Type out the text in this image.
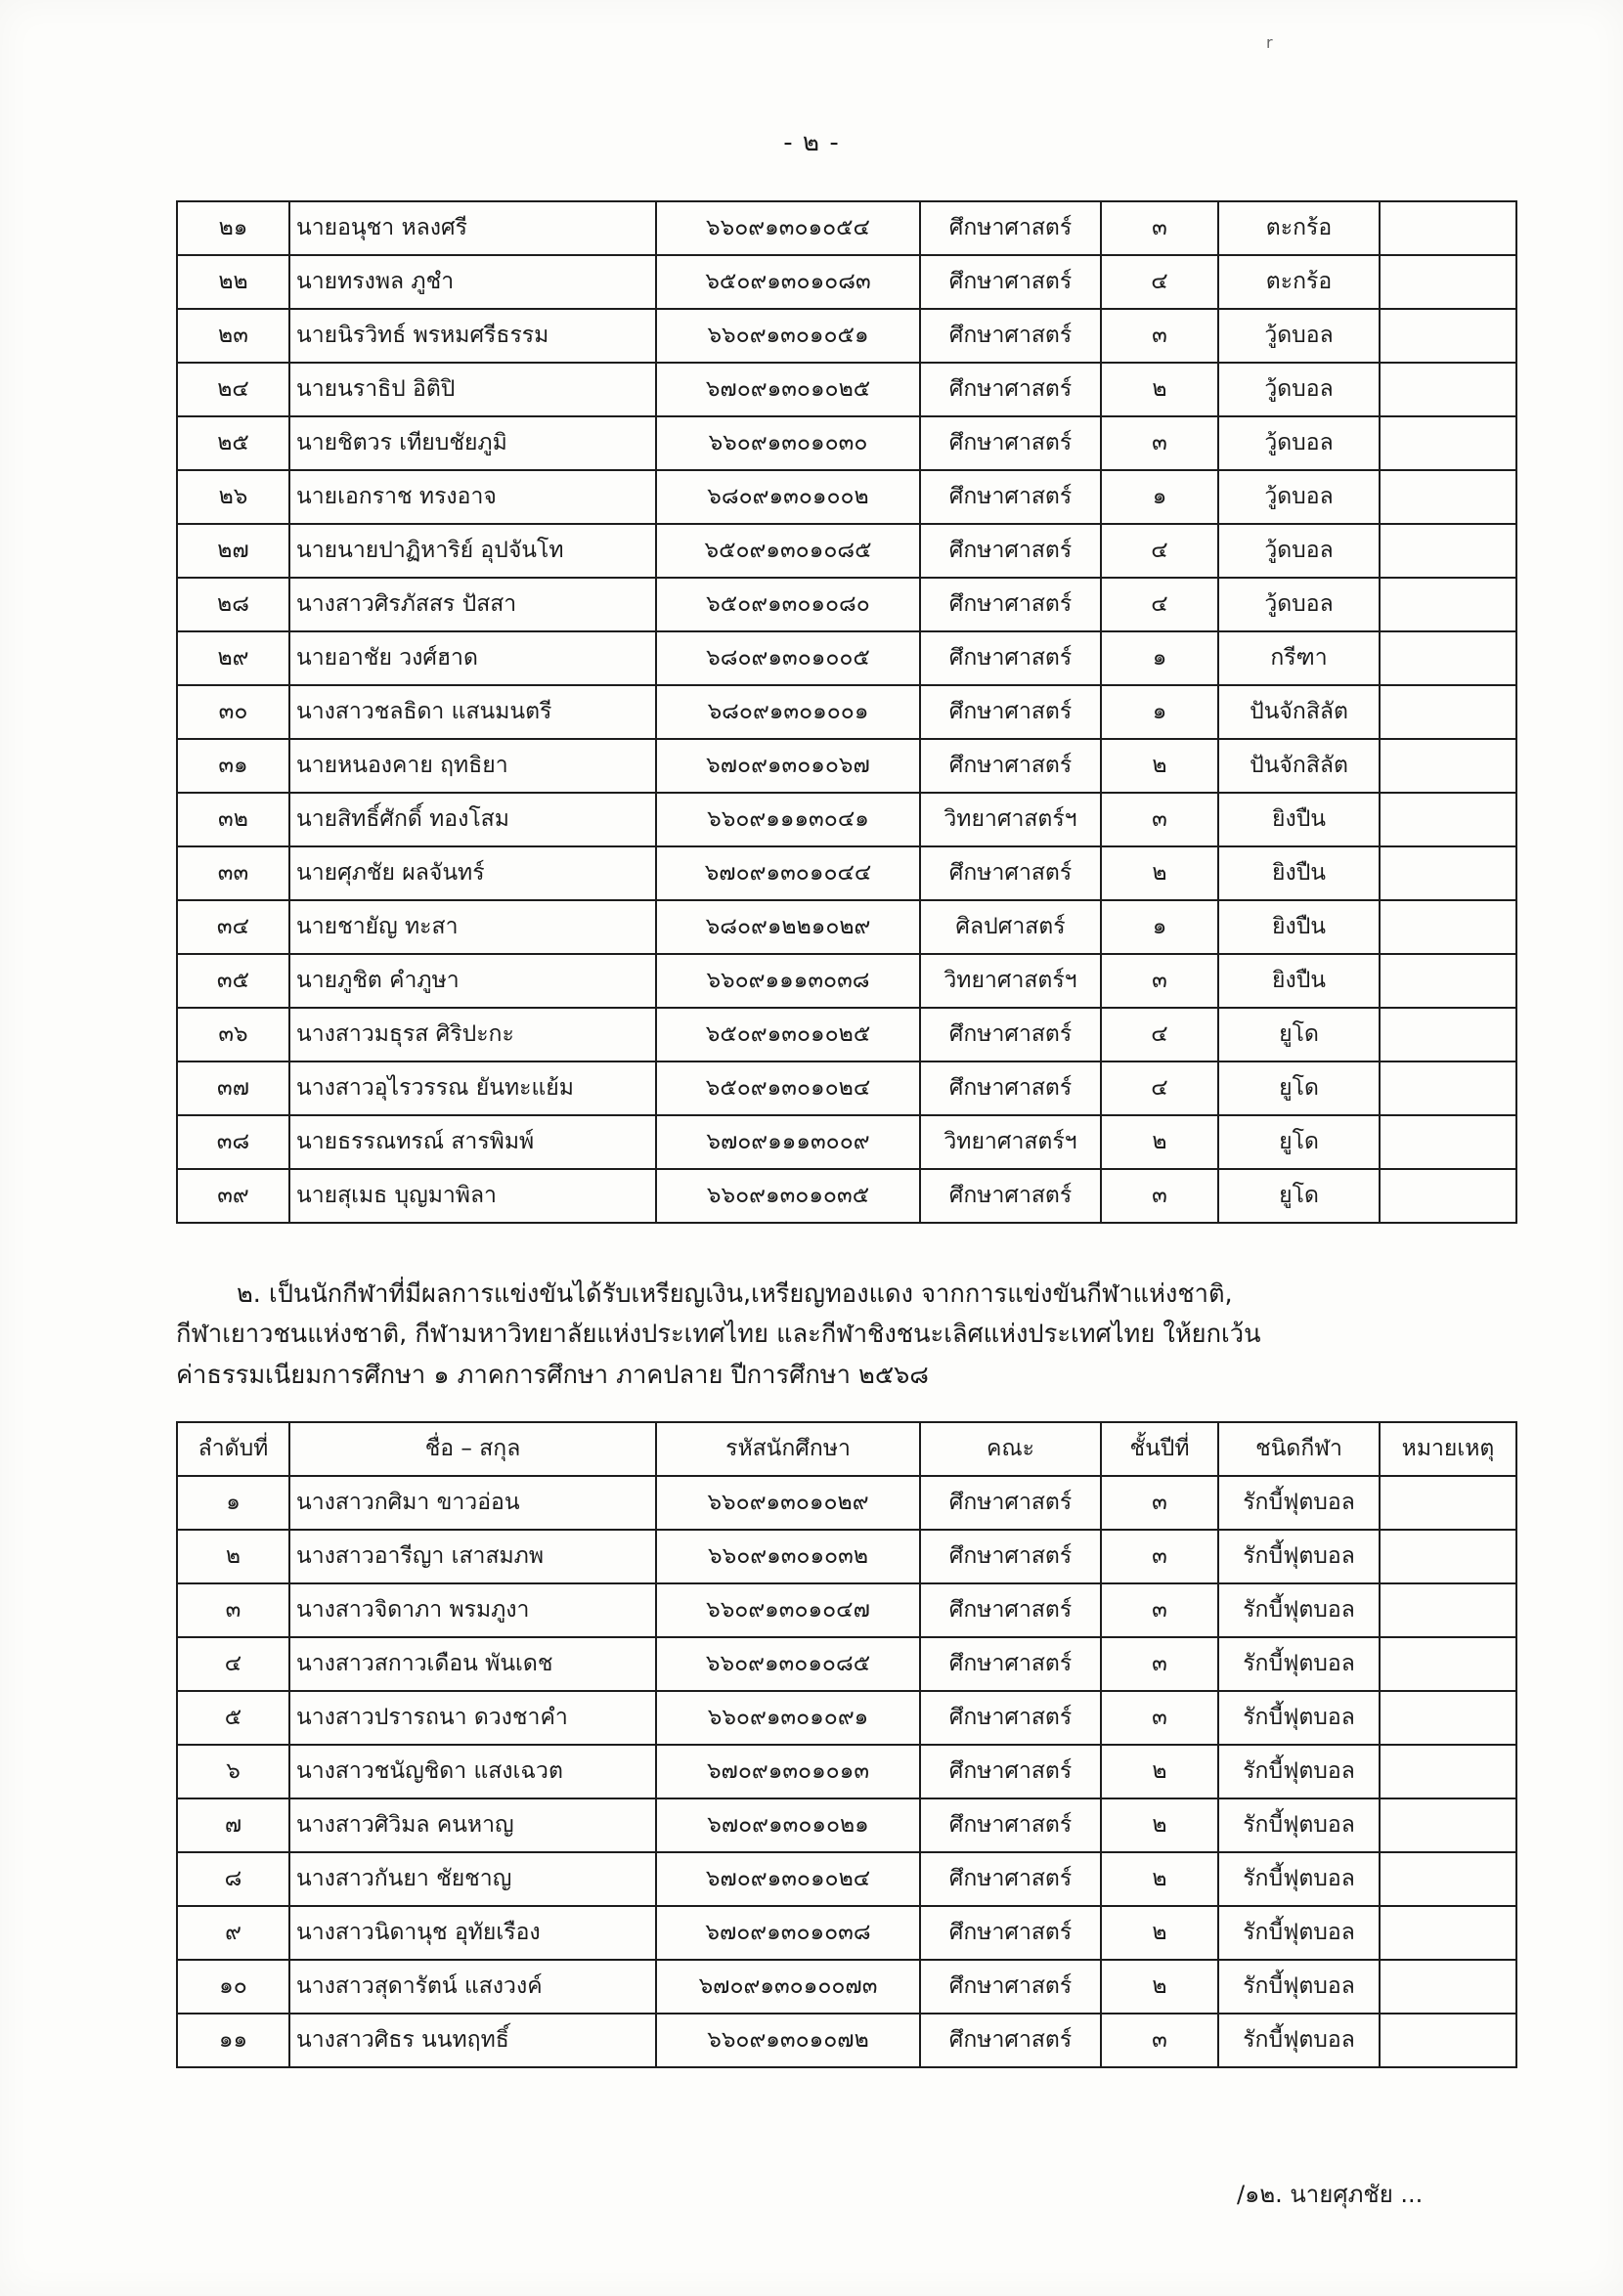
r
- ๒ -
๒๑	นายอนุชา หลงศรี	๖๖๐๙๑๓๐๑๐๕๔	ศึกษาศาสตร์	๓	ตะกร้อ	
๒๒	นายทรงพล ภูชำ	๖๕๐๙๑๓๐๑๐๘๓	ศึกษาศาสตร์	๔	ตะกร้อ	
๒๓	นายนิรวิทธ์ พรหมศรีธรรม	๖๖๐๙๑๓๐๑๐๕๑	ศึกษาศาสตร์	๓	วู้ดบอล	
๒๔	นายนราธิป อิติปิ	๖๗๐๙๑๓๐๑๐๒๕	ศึกษาศาสตร์	๒	วู้ดบอล	
๒๕	นายชิตวร เทียบชัยภูมิ	๖๖๐๙๑๓๐๑๐๓๐	ศึกษาศาสตร์	๓	วู้ดบอล	
๒๖	นายเอกราช ทรงอาจ	๖๘๐๙๑๓๐๑๐๐๒	ศึกษาศาสตร์	๑	วู้ดบอล	
๒๗	นายนายปาฏิหาริย์ อุปจันโท	๖๕๐๙๑๓๐๑๐๘๕	ศึกษาศาสตร์	๔	วู้ดบอล	
๒๘	นางสาวศิรภัสสร ปัสสา	๖๕๐๙๑๓๐๑๐๘๐	ศึกษาศาสตร์	๔	วู้ดบอล	
๒๙	นายอาชัย วงศ์ฮาด	๖๘๐๙๑๓๐๑๐๐๕	ศึกษาศาสตร์	๑	กรีฑา	
๓๐	นางสาวชลธิดา แสนมนตรี	๖๘๐๙๑๓๐๑๐๐๑	ศึกษาศาสตร์	๑	ปันจักสิลัต	
๓๑	นายหนองคาย ฤทธิยา	๖๗๐๙๑๓๐๑๐๖๗	ศึกษาศาสตร์	๒	ปันจักสิลัต	
๓๒	นายสิทธิ์ศักดิ์ ทองโสม	๖๖๐๙๑๑๑๓๐๔๑	วิทยาศาสตร์ฯ	๓	ยิงปืน	
๓๓	นายศุภชัย ผลจันทร์	๖๗๐๙๑๓๐๑๐๔๔	ศึกษาศาสตร์	๒	ยิงปืน	
๓๔	นายชายัญ ทะสา	๖๘๐๙๑๒๒๑๐๒๙	ศิลปศาสตร์	๑	ยิงปืน	
๓๕	นายภูชิต คำภูษา	๖๖๐๙๑๑๑๓๐๓๘	วิทยาศาสตร์ฯ	๓	ยิงปืน	
๓๖	นางสาวมธุรส ศิริปะกะ	๖๕๐๙๑๓๐๑๐๒๕	ศึกษาศาสตร์	๔	ยูโด	
๓๗	นางสาวอุไรวรรณ ยันทะแย้ม	๖๕๐๙๑๓๐๑๐๒๔	ศึกษาศาสตร์	๔	ยูโด	
๓๘	นายธรรณทรณ์ สารพิมพ์	๖๗๐๙๑๑๑๓๐๐๙	วิทยาศาสตร์ฯ	๒	ยูโด	
๓๙	นายสุเมธ บุญมาพิลา	๖๖๐๙๑๓๐๑๐๓๕	ศึกษาศาสตร์	๓	ยูโด	

๒. เป็นนักกีฬาที่มีผลการแข่งขันได้รับเหรียญเงิน,เหรียญทองแดง จากการแข่งขันกีฬาแห่งชาติ,

กีฬาเยาวชนแห่งชาติ, กีฬามหาวิทยาลัยแห่งประเทศไทย และกีฬาชิงชนะเลิศแห่งประเทศไทย ให้ยกเว้น

ค่าธรรมเนียมการศึกษา ๑ ภาคการศึกษา ภาคปลาย ปีการศึกษา ๒๕๖๘

ลำดับที่	ชื่อ – สกุล	รหัสนักศึกษา	คณะ	ชั้นปีที่	ชนิดกีฬา	หมายเหตุ
๑	นางสาวกศิมา ขาวอ่อน	๖๖๐๙๑๓๐๑๐๒๙	ศึกษาศาสตร์	๓	รักบี้ฟุตบอล	
๒	นางสาวอารีญา เสาสมภพ	๖๖๐๙๑๓๐๑๐๓๒	ศึกษาศาสตร์	๓	รักบี้ฟุตบอล	
๓	นางสาวจิดาภา พรมภูงา	๖๖๐๙๑๓๐๑๐๔๗	ศึกษาศาสตร์	๓	รักบี้ฟุตบอล	
๔	นางสาวสกาวเดือน พันเดช	๖๖๐๙๑๓๐๑๐๘๕	ศึกษาศาสตร์	๓	รักบี้ฟุตบอล	
๕	นางสาวปรารถนา ดวงชาคำ	๖๖๐๙๑๓๐๑๐๙๑	ศึกษาศาสตร์	๓	รักบี้ฟุตบอล	
๖	นางสาวชนัญชิดา แสงเฉวต	๖๗๐๙๑๓๐๑๐๑๓	ศึกษาศาสตร์	๒	รักบี้ฟุตบอล	
๗	นางสาวศิวิมล คนหาญ	๖๗๐๙๑๓๐๑๐๒๑	ศึกษาศาสตร์	๒	รักบี้ฟุตบอล	
๘	นางสาวกันยา ชัยชาญ	๖๗๐๙๑๓๐๑๐๒๔	ศึกษาศาสตร์	๒	รักบี้ฟุตบอล	
๙	นางสาวนิดานุช อุทัยเรือง	๖๗๐๙๑๓๐๑๐๓๘	ศึกษาศาสตร์	๒	รักบี้ฟุตบอล	
๑๐	นางสาวสุดารัตน์ แสงวงค์	๖๗๐๙๑๓๐๑๐๐๗๓	ศึกษาศาสตร์	๒	รักบี้ฟุตบอล	
๑๑	นางสาวศิธร นนทฤทธิ์	๖๖๐๙๑๓๐๑๐๗๒	ศึกษาศาสตร์	๓	รักบี้ฟุตบอล	
/๑๒. นายศุภชัย ...
